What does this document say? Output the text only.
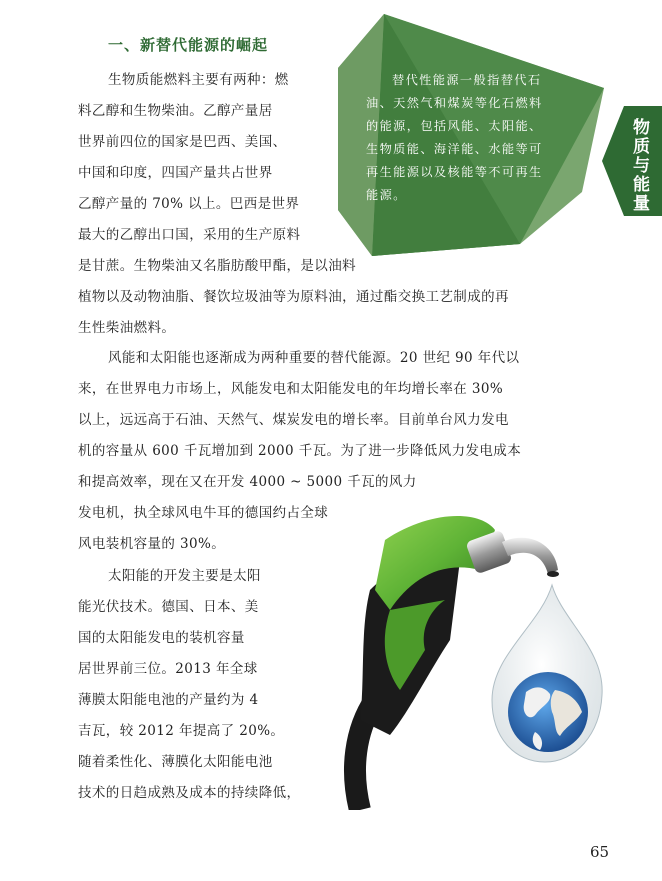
物质与能量
一、新替代能源的崛起
替代性能源一般指替代石
油、天然气和煤炭等化石燃料
的能源，包括风能、太阳能、
生物质能、海洋能、水能等可
再生能源以及核能等不可再生
能源。
生物质能燃料主要有两种：燃
料乙醇和生物柴油。乙醇产量居
世界前四位的国家是巴西、美国、
中国和印度，四国产量共占世界
乙醇产量的 70% 以上。巴西是世界
最大的乙醇出口国，采用的生产原料
是甘蔗。生物柴油又名脂肪酸甲酯，是以油料
植物以及动物油脂、餐饮垃圾油等为原料油，通过酯交换工艺制成的再
生性柴油燃料。
风能和太阳能也逐渐成为两种重要的替代能源。20 世纪 90 年代以
来，在世界电力市场上，风能发电和太阳能发电的年均增长率在 30%
以上，远远高于石油、天然气、煤炭发电的增长率。目前单台风力发电
机的容量从 600 千瓦增加到 2000 千瓦。为了进一步降低风力发电成本
和提高效率，现在又在开发 4000 ~ 5000 千瓦的风力
发电机，执全球风电牛耳的德国约占全球
风电装机容量的 30%。
太阳能的开发主要是太阳
能光伏技术。德国、日本、美
国的太阳能发电的装机容量
居世界前三位。2013 年全球
薄膜太阳能电池的产量约为 4
吉瓦，较 2012 年提高了 20%。
随着柔性化、薄膜化太阳能电池
技术的日趋成熟及成本的持续降低，
65
